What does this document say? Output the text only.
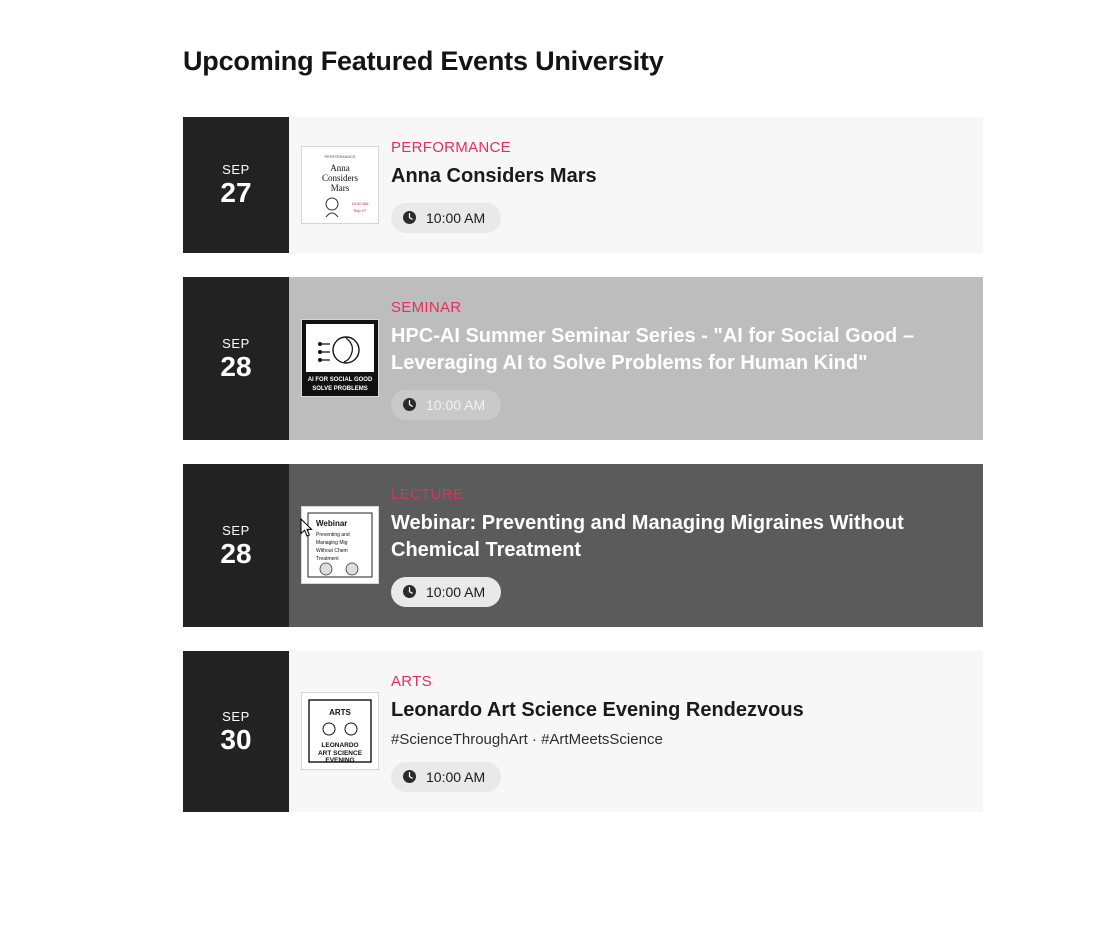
Upcoming Featured Events University
SEP
27
PERFORMANCE
Anna
Considers
Mars
10:00 AM
Sep 27
PERFORMANCE
Anna Considers Mars
10:00 AM
SEP
28	AI FOR SOCIAL GOOD
SOLVE PROBLEMS
SEMINAR
HPC-AI Summer Seminar Series - "AI for Social Good – Leveraging AI to Solve Problems for Human Kind"
10:00 AM
SEP
28
Webinar
Preventing and
Managing Mig
Without Chem
Treatment
LECTURE
Webinar: Preventing and Managing Migraines Without Chemical Treatment
10:00 AM
SEP
30
ARTS
LEONARDO
ART SCIENCE
EVENING
ARTS
Leonardo Art Science Evening Rendezvous
#ScienceThroughArt · #ArtMeetsScience
10:00 AM
